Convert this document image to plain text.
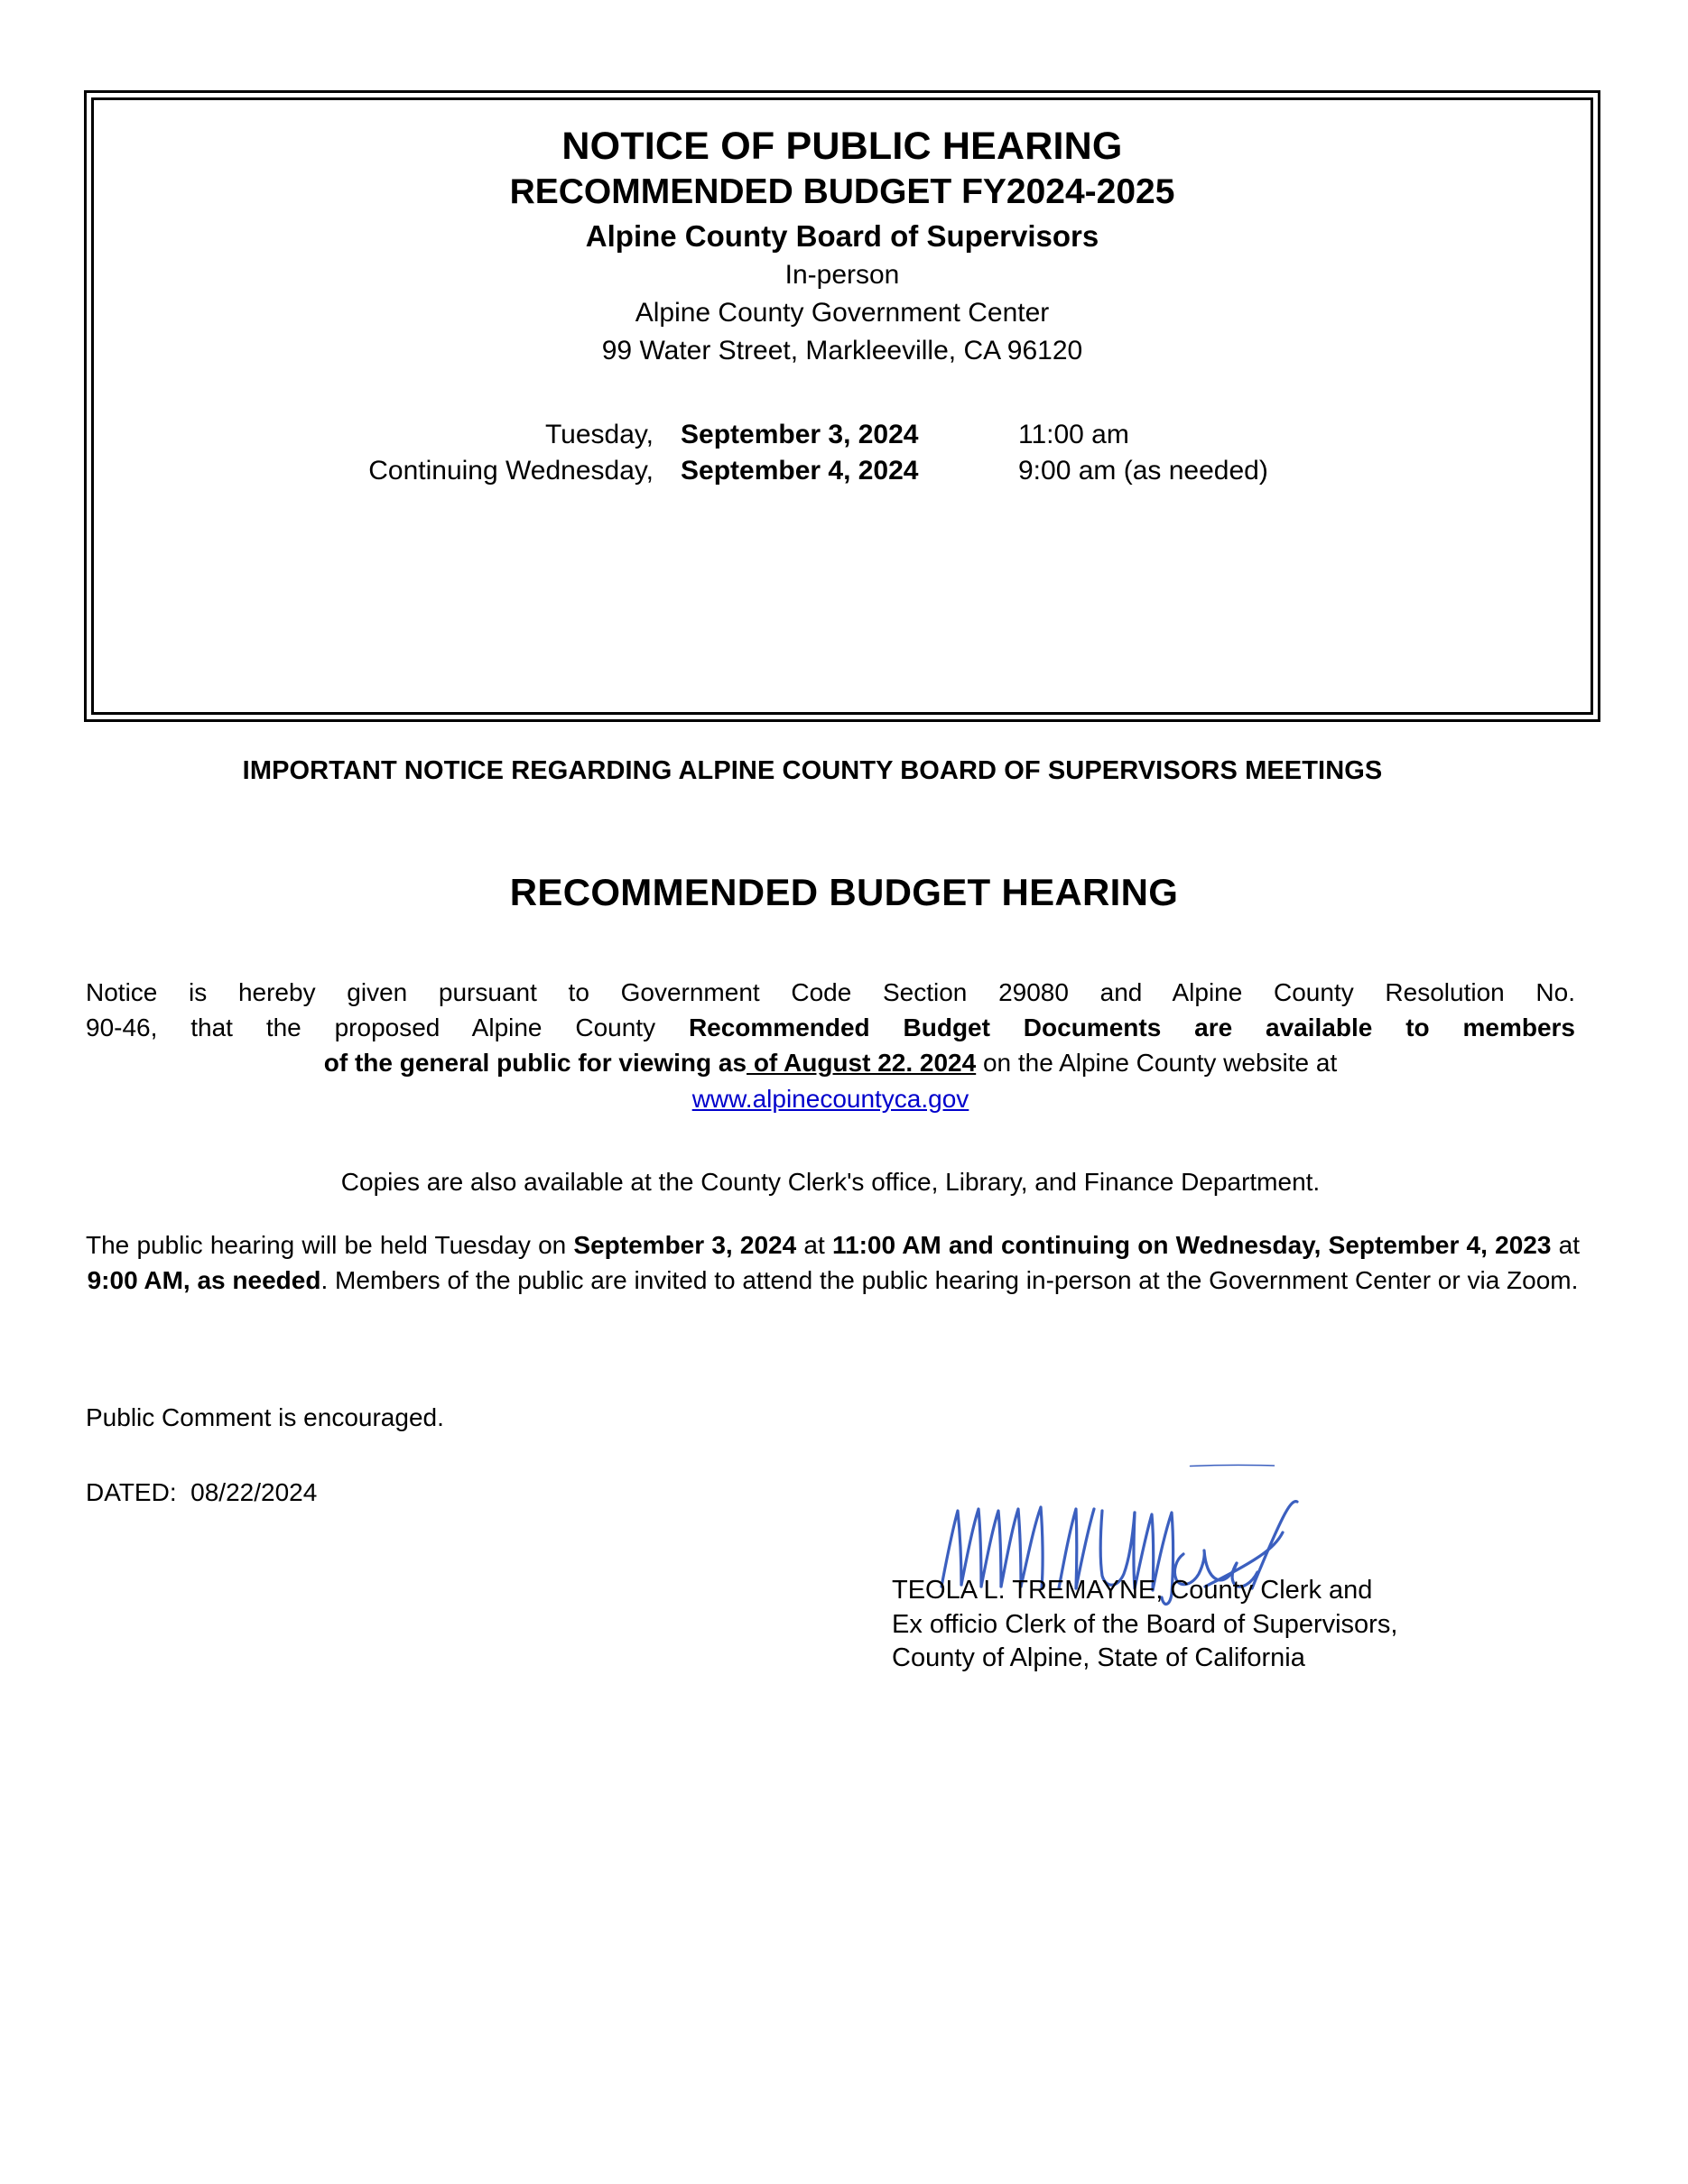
NOTICE OF PUBLIC HEARING
RECOMMENDED BUDGET FY2024-2025
Alpine County Board of Supervisors
In-person
Alpine County Government Center
99 Water Street, Markleeville, CA 96120
Tuesday,	September 3, 2024	11:00 am
Continuing Wednesday,	September 4, 2024	9:00 am (as needed)
IMPORTANT NOTICE REGARDING ALPINE COUNTY BOARD OF SUPERVISORS MEETINGS
RECOMMENDED BUDGET HEARING
Notice is hereby given pursuant to Government Code Section 29080 and Alpine County Resolution No.
90-46, that the proposed Alpine County Recommended Budget Documents are available to members
of the general public for viewing as of August 22. 2024 on the Alpine County website at
www.alpinecountyca.gov
Copies are also available at the County Clerk's office, Library, and Finance Department.
The public hearing will be held Tuesday on September 3, 2024 at 11:00 AM and continuing on Wednesday, September 4, 2023 at 9:00 AM, as needed. Members of the public are invited to attend the public hearing in-person at the Government Center or via Zoom.
Public Comment is encouraged.
DATED:  08/22/2024
TEOLA L. TREMAYNE, County Clerk and
Ex officio Clerk of the Board of Supervisors,
County of Alpine, State of California
